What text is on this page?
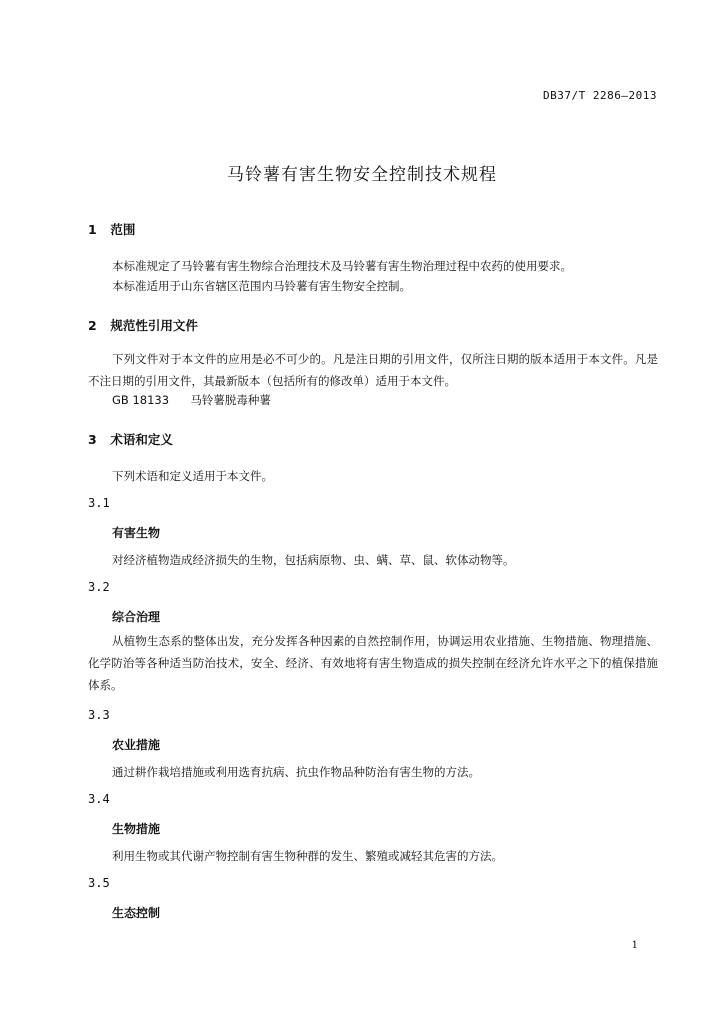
DB37/T 2286—2013
马铃薯有害生物安全控制技术规程
1 范围
本标准规定了马铃薯有害生物综合治理技术及马铃薯有害生物治理过程中农药的使用要求。
本标准适用于山东省辖区范围内马铃薯有害生物安全控制。
2 规范性引用文件
下列文件对于本文件的应用是必不可少的。凡是注日期的引用文件，仅所注日期的版本适用于本文件。凡是不注日期的引用文件，其最新版本（包括所有的修改单）适用于本文件。
GB 18133 马铃薯脱毒种薯
3 术语和定义
下列术语和定义适用于本文件。
3.1
有害生物
对经济植物造成经济损失的生物，包括病原物、虫、螨、草、鼠、软体动物等。
3.2
综合治理
从植物生态系的整体出发，充分发挥各种因素的自然控制作用，协调运用农业措施、生物措施、物理措施、化学防治等各种适当防治技术，安全、经济、有效地将有害生物造成的损失控制在经济允许水平之下的植保措施体系。
3.3
农业措施
通过耕作栽培措施或利用选育抗病、抗虫作物品种防治有害生物的方法。
3.4
生物措施
利用生物或其代谢产物控制有害生物种群的发生、繁殖或减轻其危害的方法。
3.5
生态控制
1
